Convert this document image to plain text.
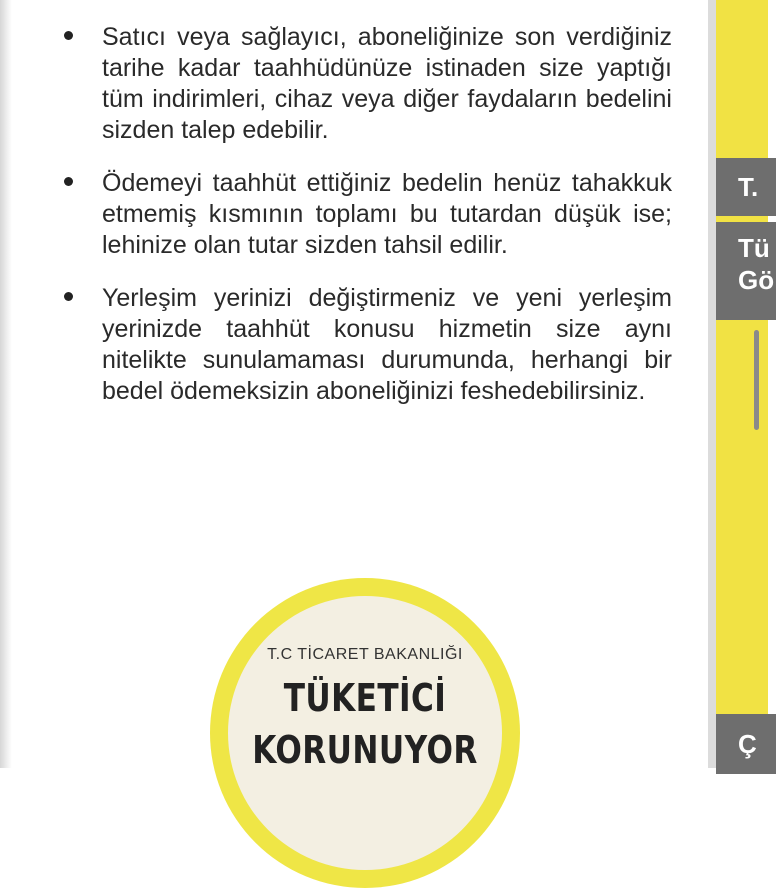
Satıcı veya sağlayıcı, aboneliğinize son verdiğiniz tarihe kadar taahhüdünüze istinaden size yaptığı tüm indirimleri, cihaz veya diğer faydaların bedelini sizden talep edebilir.
Ödemeyi taahhüt ettiğiniz bedelin henüz tahakkuk etmemiş kısmının toplamı bu tutardan düşük ise; lehinize olan tutar sizden tahsil edilir.
Yerleşim yerinizi değiştirmeniz ve yeni yerleşim yerinizde taahhüt konusu hizmetin size aynı nitelikte sunulamaması durumunda, herhangi bir bedel ödemeksizin aboneliğinizi feshedebilirsiniz.
T.C TİCARET BAKANLIĞI
TÜKETİCİ
KORUNUYOR
T.
Tü
Gö
Ç
